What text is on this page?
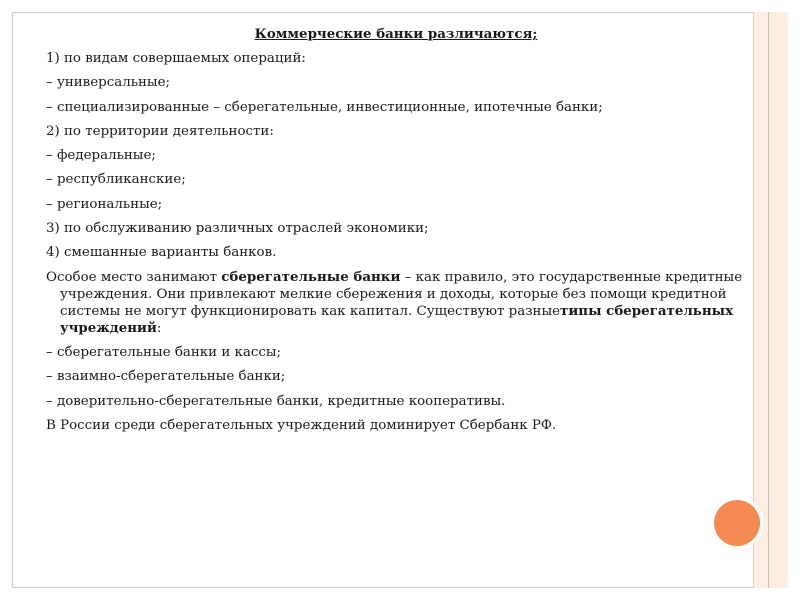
Коммерческие банки различаются;
1) по видам совершаемых операций:
– универсальные;
– специализированные – сберегательные, инвестиционные, ипотечные банки;
2) по территории деятельности:
– федеральные;
– республиканские;
– региональные;
3) по обслуживанию различных отраслей экономики;
4) смешанные варианты банков.
Особое место занимают сберегательные банки – как правило, это государственные кредитные учреждения. Они привлекают мелкие сбережения и доходы, которые без помощи кредитной системы не могут функционировать как капитал. Существуют разныетипы сберегательных учреждений:
– сберегательные банки и кассы;
– взаимно-сберегательные банки;
– доверительно-сберегательные банки, кредитные кооперативы.
В России среди сберегательных учреждений доминирует Сбербанк РФ.
